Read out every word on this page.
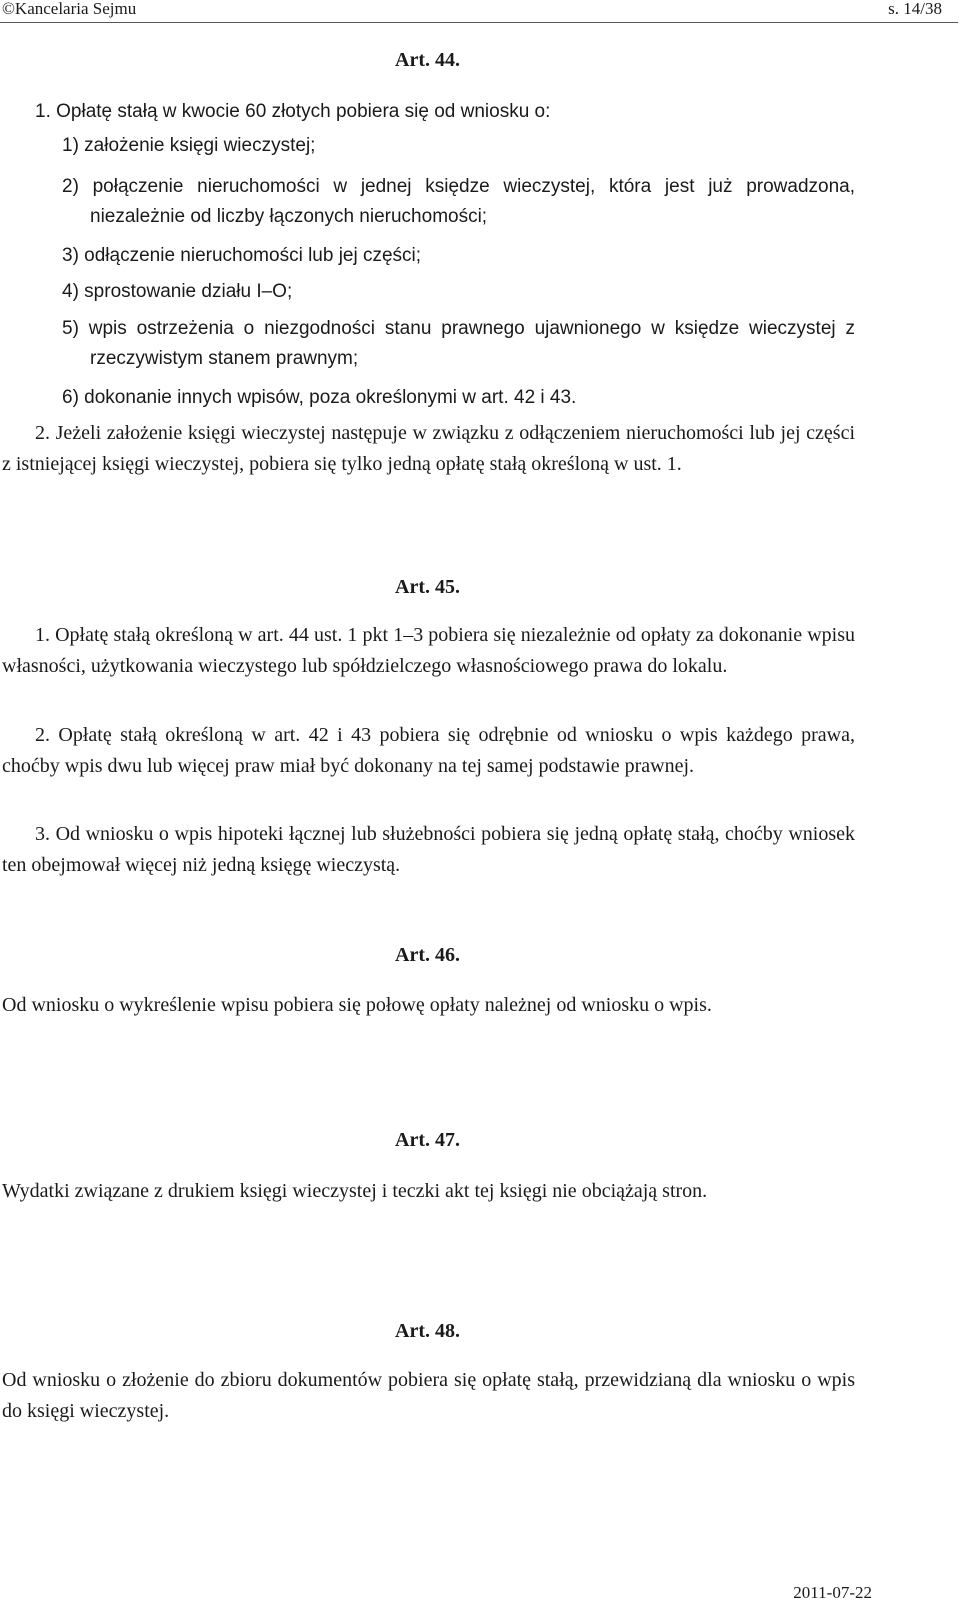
©Kancelaria Sejmu	s. 14/38
Art. 44.
1. Opłatę stałą w kwocie 60 złotych pobiera się od wniosku o:
1) założenie księgi wieczystej;
2) połączenie nieruchomości w jednej księdze wieczystej, która jest już prowadzona, niezależnie od liczby łączonych nieruchomości;
3) odłączenie nieruchomości lub jej części;
4) sprostowanie działu I–O;
5) wpis ostrzeżenia o niezgodności stanu prawnego ujawnionego w księdze wieczystej z rzeczywistym stanem prawnym;
6) dokonanie innych wpisów, poza określonymi w art. 42 i 43.
2. Jeżeli założenie księgi wieczystej następuje w związku z odłączeniem nieruchomości lub jej części z istniejącej księgi wieczystej, pobiera się tylko jedną opłatę stałą określoną w ust. 1.
Art. 45.
1. Opłatę stałą określoną w art. 44 ust. 1 pkt 1–3 pobiera się niezależnie od opłaty za dokonanie wpisu własności, użytkowania wieczystego lub spółdzielczego własnościowego prawa do lokalu.
2. Opłatę stałą określoną w art. 42 i 43 pobiera się odrębnie od wniosku o wpis każdego prawa, choćby wpis dwu lub więcej praw miał być dokonany na tej samej podstawie prawnej.
3. Od wniosku o wpis hipoteki łącznej lub służebności pobiera się jedną opłatę stałą, choćby wniosek ten obejmował więcej niż jedną księgę wieczystą.
Art. 46.
Od wniosku o wykreślenie wpisu pobiera się połowę opłaty należnej od wniosku o wpis.
Art. 47.
Wydatki związane z drukiem księgi wieczystej i teczki akt tej księgi nie obciążają stron.
Art. 48.
Od wniosku o złożenie do zbioru dokumentów pobiera się opłatę stałą, przewidzianą dla wniosku o wpis do księgi wieczystej.
2011-07-22
